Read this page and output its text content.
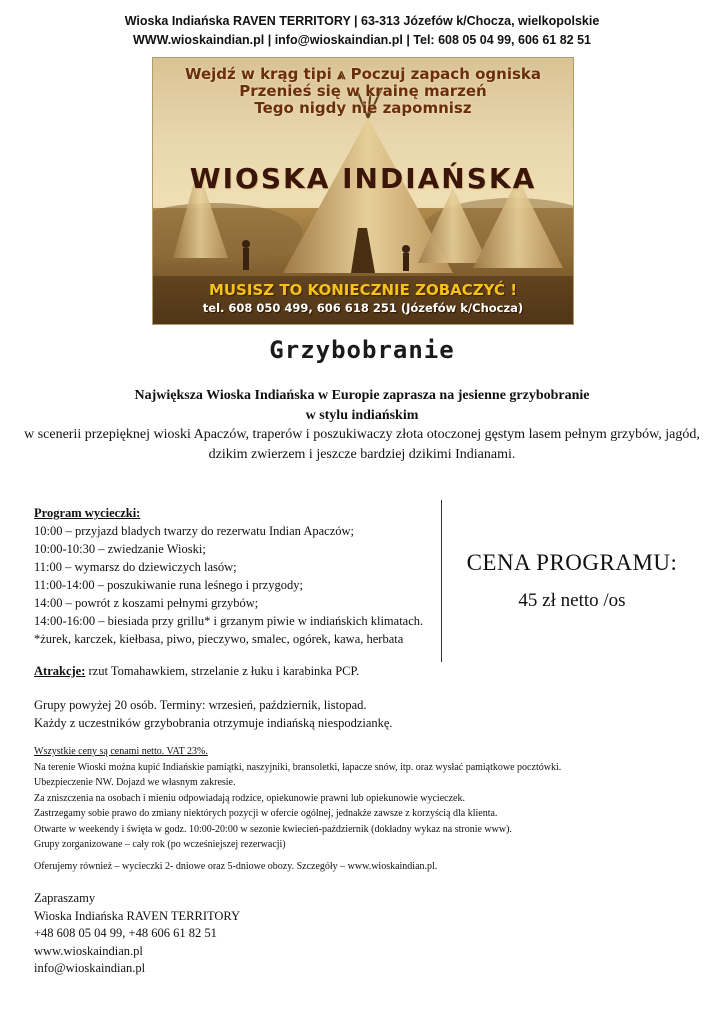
Wioska Indiańska RAVEN TERRITORY | 63-313 Józefów k/Chocza, wielkopolskie
WWW.wioskaindian.pl | info@wioskaindian.pl | Tel: 608 05 04 99, 606 61 82 51
Wejdź w krąg tipi ⩓ Poczuj zapach ogniska
Przenieś się w krainę marzeń
Tego nigdy nie zapomnisz
WIOSKA INDIAŃSKA
MUSISZ TO KONIECZNIE ZOBACZYĆ !
tel. 608 050 499, 606 618 251 (Józefów k/Chocza)
Grzybobranie
Największa Wioska Indiańska w Europie zaprasza na jesienne grzybobranie
w stylu indiańskim
w scenerii przepięknej wioski Apaczów, traperów i poszukiwaczy złota otoczonej gęstym lasem pełnym grzybów, jagód,
dzikim zwierzem i jeszcze bardziej dzikimi Indianami.
Program wycieczki:
10:00 – przyjazd bladych twarzy do rezerwatu Indian Apaczów;
10:00-10:30 – zwiedzanie Wioski;
11:00 – wymarsz do dziewiczych lasów;
11:00-14:00 – poszukiwanie runa leśnego i przygody;
14:00 – powrót z koszami pełnymi grzybów;
14:00-16:00 – biesiada przy grillu* i grzanym piwie w indiańskich klimatach.
*żurek, karczek, kiełbasa, piwo, pieczywo, smalec, ogórek, kawa, herbata
CENA PROGRAMU:
45 zł netto /os
Atrakcje: rzut Tomahawkiem, strzelanie z łuku i karabinka PCP.
Grupy powyżej 20 osób. Terminy: wrzesień, październik, listopad.
Każdy z uczestników grzybobrania otrzymuje indiańską niespodziankę.
Wszystkie ceny są cenami netto. VAT 23%.
Na terenie Wioski można kupić Indiańskie pamiątki, naszyjniki, bransoletki, łapacze snów, itp. oraz wysłać pamiątkowe pocztówki.
Ubezpieczenie NW. Dojazd we własnym zakresie.
Za zniszczenia na osobach i mieniu odpowiadają rodzice, opiekunowie prawni lub opiekunowie wycieczek.
Zastrzegamy sobie prawo do zmiany niektórych pozycji w ofercie ogólnej, jednakże zawsze z korzyścią dla klienta.
Otwarte w weekendy i święta w godz. 10:00-20:00 w sezonie kwiecień-październik (dokładny wykaz na stronie www).
Grupy zorganizowane – cały rok (po wcześniejszej rezerwacji)
Oferujemy również – wycieczki 2- dniowe oraz 5-dniowe obozy. Szczegóły – www.wioskaindian.pl.
Zapraszamy
Wioska Indiańska RAVEN TERRITORY
+48 608 05 04 99, +48 606 61 82 51
www.wioskaindian.pl
info@wioskaindian.pl
